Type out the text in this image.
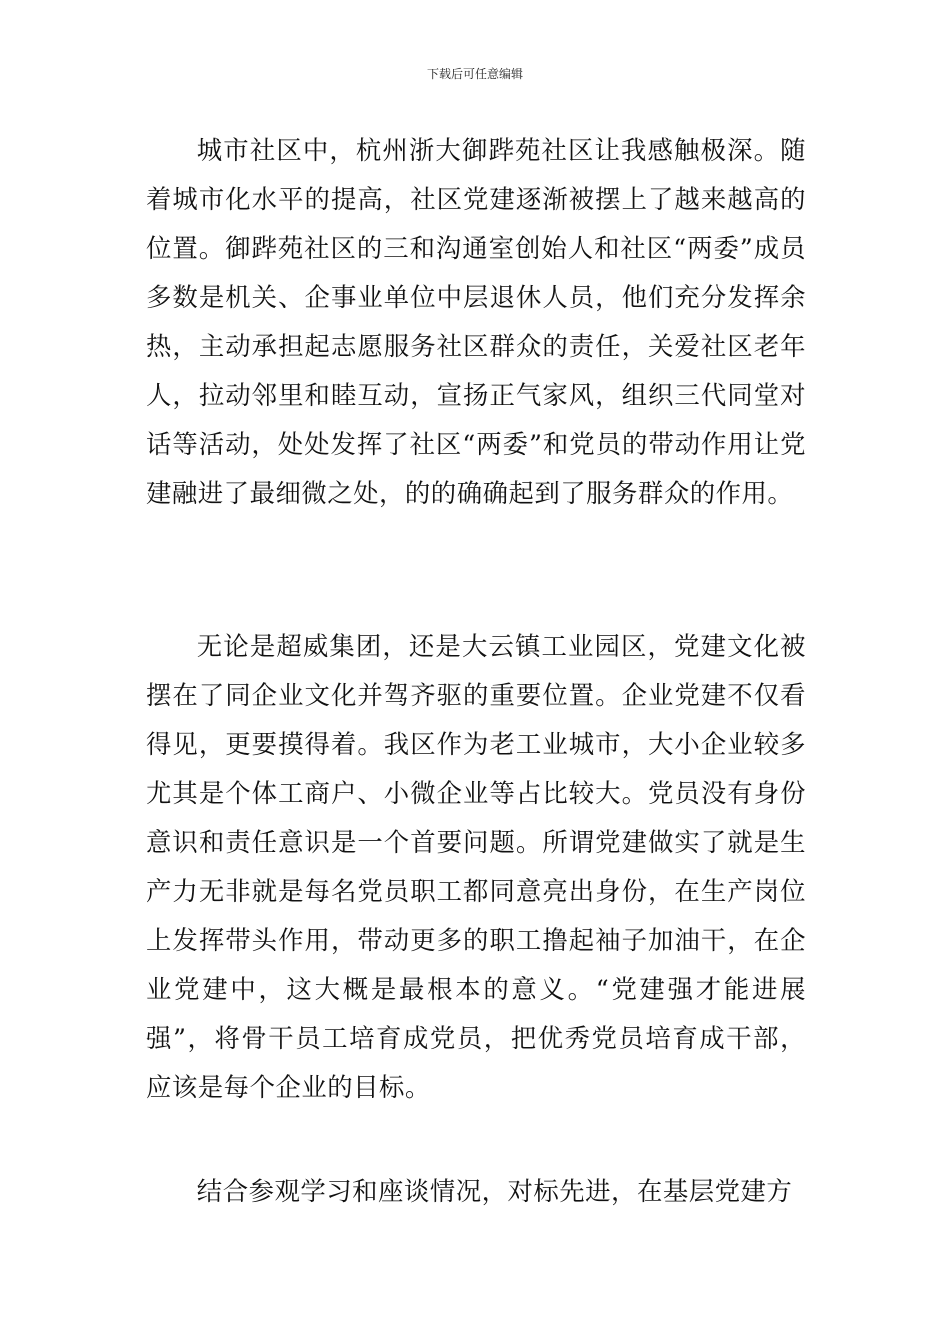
下载后可任意编辑

城市社区中，杭州浙大御跸苑社区让我感触极深。随着城市化水平的提高，社区党建逐渐被摆上了越来越高的位置。御跸苑社区的三和沟通室创始人和社区“两委”成员多数是机关、企事业单位中层退休人员，他们充分发挥余热，主动承担起志愿服务社区群众的责任，关爱社区老年人，拉动邻里和睦互动，宣扬正气家风，组织三代同堂对话等活动，处处发挥了社区“两委”和党员的带动作用让党建融进了最细微之处，的的确确起到了服务群众的作用。

无论是超威集团，还是大云镇工业园区，党建文化被摆在了同企业文化并驾齐驱的重要位置。企业党建不仅看得见，更要摸得着。我区作为老工业城市，大小企业较多尤其是个体工商户、小微企业等占比较大。党员没有身份意识和责任意识是一个首要问题。所谓党建做实了就是生产力无非就是每名党员职工都同意亮出身份，在生产岗位上发挥带头作用，带动更多的职工撸起袖子加油干，在企业党建中，这大概是最根本的意义。“党建强才能进展强”，将骨干员工培育成党员，把优秀党员培育成干部，应该是每个企业的目标。

结合参观学习和座谈情况，对标先进，在基层党建方
